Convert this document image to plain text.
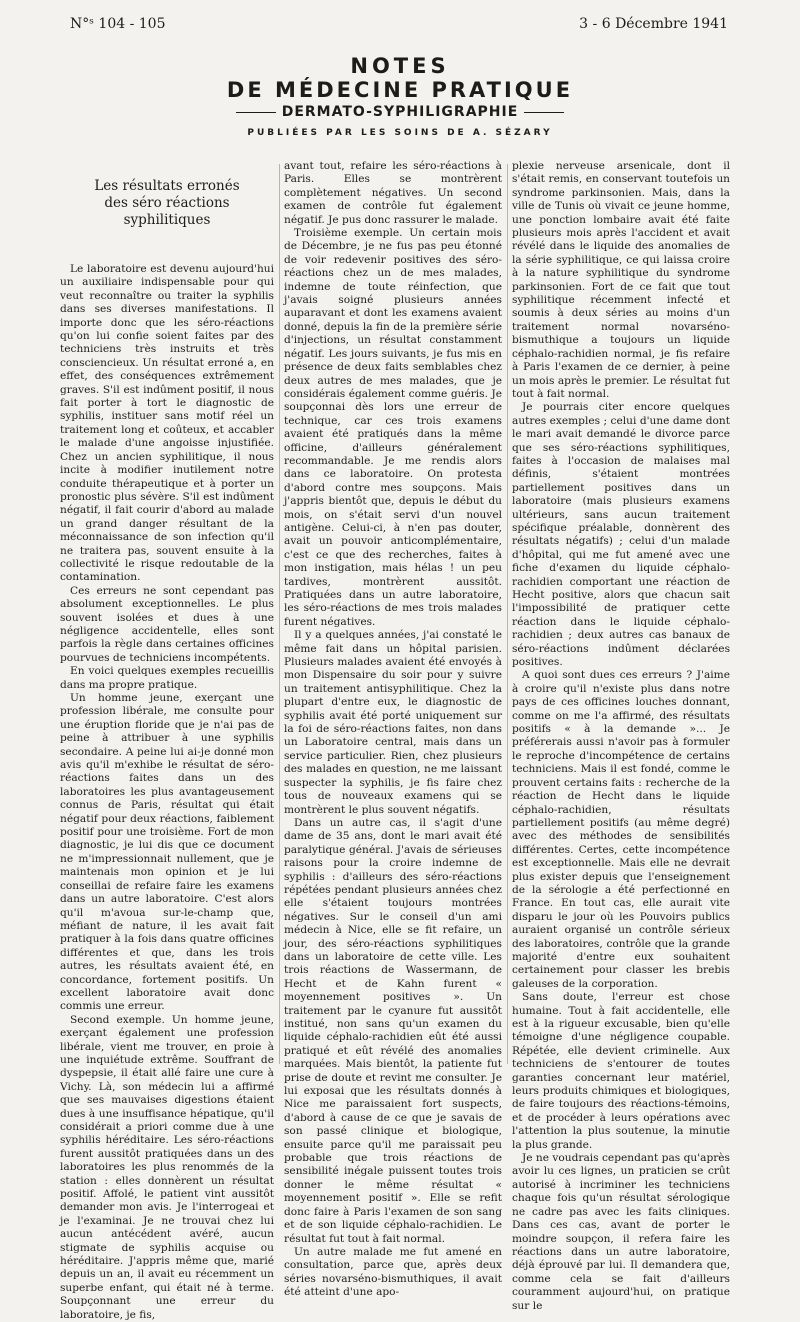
N°ˢ 104 - 105	3 - 6 Décembre 1941
NOTES
DE MÉDECINE PRATIQUE
DERMATO-SYPHILIGRAPHIE
PUBLIÉES PAR LES SOINS DE A. SÉZARY
Les résultats erronés
des séro réactions syphilitiques

Le laboratoire est devenu aujourd'hui un auxiliaire indispensable pour qui veut reconnaître ou traiter la syphilis dans ses diverses manifestations. Il importe donc que les séro-réactions qu'on lui confie soient faites par des techniciens très instruits et très consciencieux. Un résultat erroné a, en effet, des conséquences extrêmement graves. S'il est indûment positif, il nous fait porter à tort le diagnostic de syphilis, instituer sans motif réel un traitement long et coûteux, et accabler le malade d'une angoisse injustifiée. Chez un ancien syphilitique, il nous incite à modifier inutilement notre conduite thérapeutique et à porter un pronostic plus sévère. S'il est indûment négatif, il fait courir d'abord au malade un grand danger résultant de la méconnaissance de son infection qu'il ne traitera pas, souvent ensuite à la collectivité le risque redoutable de la contamination.

Ces erreurs ne sont cependant pas absolument exceptionnelles. Le plus souvent isolées et dues à une négligence accidentelle, elles sont parfois la règle dans certaines officines pourvues de techniciens incompétents.

En voici quelques exemples recueillis dans ma propre pratique.

Un homme jeune, exerçant une profession libérale, me consulte pour une éruption floride que je n'ai pas de peine à attribuer à une syphilis secondaire. A peine lui ai-je donné mon avis qu'il m'exhibe le résultat de séro-réactions faites dans un des laboratoires les plus avantageusement connus de Paris, résultat qui était négatif pour deux réactions, faiblement positif pour une troisième. Fort de mon diagnostic, je lui dis que ce document ne m'impressionnait nullement, que je maintenais mon opinion et je lui conseillai de refaire faire les examens dans un autre laboratoire. C'est alors qu'il m'avoua sur-le-champ que, méfiant de nature, il les avait fait pratiquer à la fois dans quatre officines différentes et que, dans les trois autres, les résultats avaient été, en concordance, fortement positifs. Un excellent laboratoire avait donc commis une erreur.

Second exemple. Un homme jeune, exerçant également une profession libérale, vient me trouver, en proie à une inquiétude extrême. Souffrant de dyspepsie, il était allé faire une cure à Vichy. Là, son médecin lui a affirmé que ses mauvaises digestions étaient dues à une insuffisance hépatique, qu'il considérait a priori comme due à une syphilis héréditaire. Les séro-réactions furent aussitôt pratiquées dans un des laboratoires les plus renommés de la station : elles donnèrent un résultat positif. Affolé, le patient vint aussitôt demander mon avis. Je l'interrogeai et je l'examinai. Je ne trouvai chez lui aucun antécédent avéré, aucun stigmate de syphilis acquise ou héréditaire. J'appris même que, marié depuis un an, il avait eu récemment un superbe enfant, qui était né à terme. Soupçonnant une erreur du laboratoire, je fis,

avant tout, refaire les séro-réactions à Paris. Elles se montrèrent complètement négatives. Un second examen de contrôle fut également négatif. Je pus donc rassurer le malade.

Troisième exemple. Un certain mois de Décembre, je ne fus pas peu étonné de voir redevenir positives des séro-réactions chez un de mes malades, indemne de toute réinfection, que j'avais soigné plusieurs années auparavant et dont les examens avaient donné, depuis la fin de la première série d'injections, un résultat constamment négatif. Les jours suivants, je fus mis en présence de deux faits semblables chez deux autres de mes malades, que je considérais également comme guéris. Je soupçonnai dès lors une erreur de technique, car ces trois examens avaient été pratiqués dans la même officine, d'ailleurs généralement recommandable. Je me rendis alors dans ce laboratoire. On protesta d'abord contre mes soupçons. Mais j'appris bientôt que, depuis le début du mois, on s'était servi d'un nouvel antigène. Celui-ci, à n'en pas douter, avait un pouvoir anticomplémentaire, c'est ce que des recherches, faites à mon instigation, mais hélas ! un peu tardives, montrèrent aussitôt. Pratiquées dans un autre laboratoire, les séro-réactions de mes trois malades furent négatives.

Il y a quelques années, j'ai constaté le même fait dans un hôpital parisien. Plusieurs malades avaient été envoyés à mon Dispensaire du soir pour y suivre un traitement antisyphilitique. Chez la plupart d'entre eux, le diagnostic de syphilis avait été porté uniquement sur la foi de séro-réactions faites, non dans un Laboratoire central, mais dans un service particulier. Rien, chez plusieurs des malades en question, ne me laissant suspecter la syphilis, je fis faire chez tous de nouveaux examens qui se montrèrent le plus souvent négatifs.

Dans un autre cas, il s'agit d'une dame de 35 ans, dont le mari avait été paralytique général. J'avais de sérieuses raisons pour la croire indemne de syphilis : d'ailleurs des séro-réactions répétées pendant plusieurs années chez elle s'étaient toujours montrées négatives. Sur le conseil d'un ami médecin à Nice, elle se fit refaire, un jour, des séro-réactions syphilitiques dans un laboratoire de cette ville. Les trois réactions de Wassermann, de Hecht et de Kahn furent « moyennement positives ». Un traitement par le cyanure fut aussitôt institué, non sans qu'un examen du liquide céphalo-rachidien eût été aussi pratiqué et eût révélé des anomalies marquées. Mais bientôt, la patiente fut prise de doute et revint me consulter. Je lui exposai que les résultats donnés à Nice me paraissaient fort suspects, d'abord à cause de ce que je savais de son passé clinique et biologique, ensuite parce qu'il me paraissait peu probable que trois réactions de sensibilité inégale puissent toutes trois donner le même résultat « moyennement positif ». Elle se refit donc faire à Paris l'examen de son sang et de son liquide céphalo-rachidien. Le résultat fut tout à fait normal.

Un autre malade me fut amené en consultation, parce que, après deux séries novarséno-bismuthiques, il avait été atteint d'une apo-

plexie nerveuse arsenicale, dont il s'était remis, en conservant toutefois un syndrome parkinsonien. Mais, dans la ville de Tunis où vivait ce jeune homme, une ponction lombaire avait été faite plusieurs mois après l'accident et avait révélé dans le liquide des anomalies de la série syphilitique, ce qui laissa croire à la nature syphilitique du syndrome parkinsonien. Fort de ce fait que tout syphilitique récemment infecté et soumis à deux séries au moins d'un traitement normal novarséno-bismuthique a toujours un liquide céphalo-rachidien normal, je fis refaire à Paris l'examen de ce dernier, à peine un mois après le premier. Le résultat fut tout à fait normal.

Je pourrais citer encore quelques autres exemples ; celui d'une dame dont le mari avait demandé le divorce parce que ses séro-réactions syphilitiques, faites à l'occasion de malaises mal définis, s'étaient montrées partiellement positives dans un laboratoire (mais plusieurs examens ultérieurs, sans aucun traitement spécifique préalable, donnèrent des résultats négatifs) ; celui d'un malade d'hôpital, qui me fut amené avec une fiche d'examen du liquide céphalo-rachidien comportant une réaction de Hecht positive, alors que chacun sait l'impossibilité de pratiquer cette réaction dans le liquide céphalo-rachidien ; deux autres cas banaux de séro-réactions indûment déclarées positives.

A quoi sont dues ces erreurs ? J'aime à croire qu'il n'existe plus dans notre pays de ces officines louches donnant, comme on me l'a affirmé, des résultats positifs « à la demande »... Je préférerais aussi n'avoir pas à formuler le reproche d'incompétence de certains techniciens. Mais il est fondé, comme le prouvent certains faits : recherche de la réaction de Hecht dans le liquide céphalo-rachidien, résultats partiellement positifs (au même degré) avec des méthodes de sensibilités différentes. Certes, cette incompétence est exceptionnelle. Mais elle ne devrait plus exister depuis que l'enseignement de la sérologie a été perfectionné en France. En tout cas, elle aurait vite disparu le jour où les Pouvoirs publics auraient organisé un contrôle sérieux des laboratoires, contrôle que la grande majorité d'entre eux souhaitent certainement pour classer les brebis galeuses de la corporation.

Sans doute, l'erreur est chose humaine. Tout à fait accidentelle, elle est à la rigueur excusable, bien qu'elle témoigne d'une négligence coupable. Répétée, elle devient criminelle. Aux techniciens de s'entourer de toutes garanties concernant leur matériel, leurs produits chimiques et biologiques, de faire toujours des réactions-témoins, et de procéder à leurs opérations avec l'attention la plus soutenue, la minutie la plus grande.

Je ne voudrais cependant pas qu'après avoir lu ces lignes, un praticien se crût autorisé à incriminer les techniciens chaque fois qu'un résultat sérologique ne cadre pas avec les faits cliniques. Dans ces cas, avant de porter le moindre soupçon, il refera faire les réactions dans un autre laboratoire, déjà éprouvé par lui. Il demandera que, comme cela se fait d'ailleurs couramment aujourd'hui, on pratique sur le
